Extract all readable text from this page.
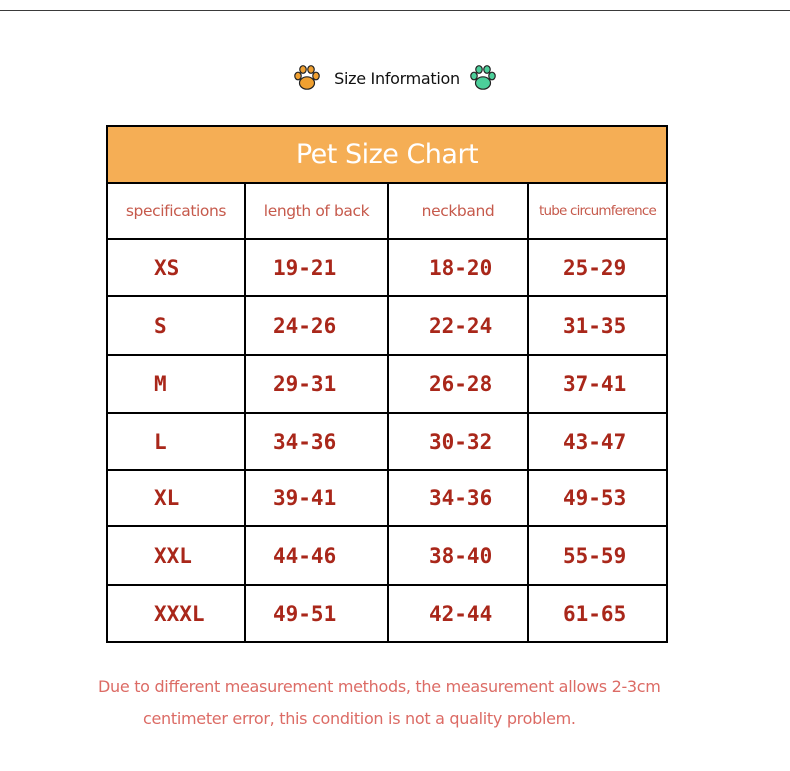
Size Information
Pet Size Chart
specifications	length of back	neckband	tube circumference
XS	19-21	18-20	25-29
S	24-26	22-24	31-35
M	29-31	26-28	37-41
L	34-36	30-32	43-47
XL	39-41	34-36	49-53
XXL	44-46	38-40	55-59
XXXL	49-51	42-44	61-65
Due to different measurement methods, the measurement allows 2-3cm
centimeter error, this condition is not a quality problem.
